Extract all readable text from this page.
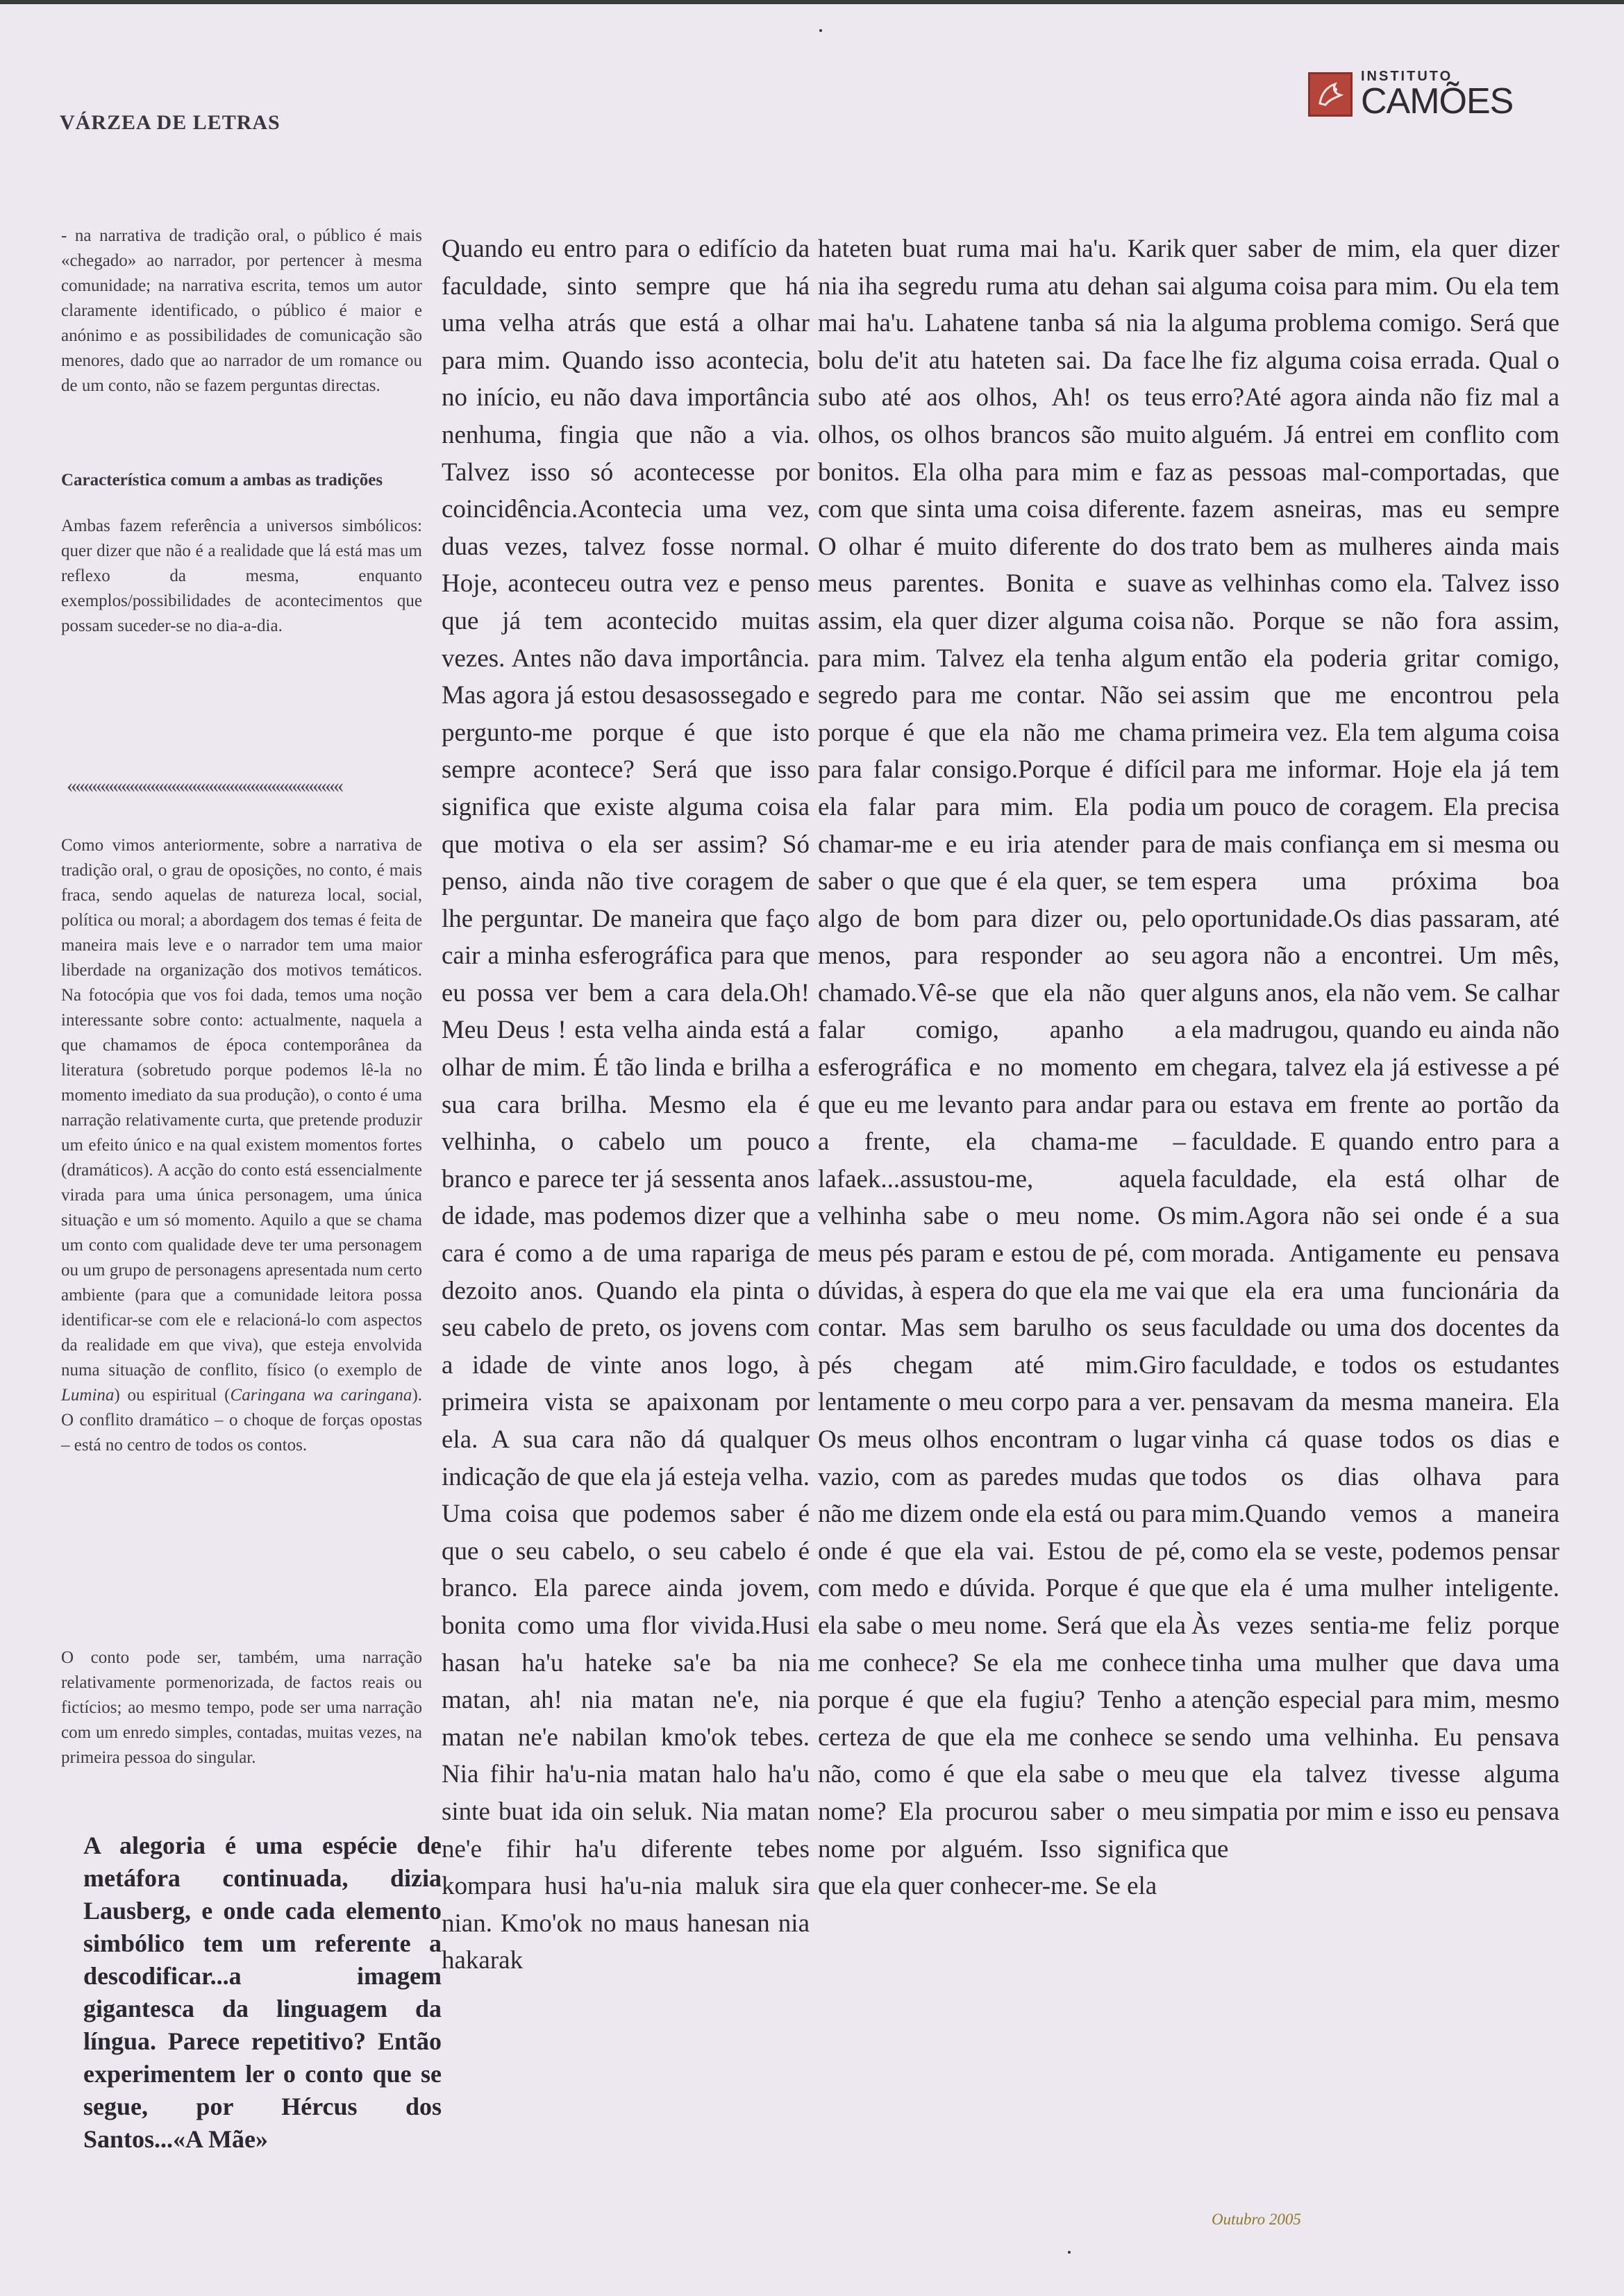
VÁRZEA DE LETRAS
INSTITUTO
CAMÕES

- na narrativa de tradição oral, o público é mais «chegado» ao narrador, por pertencer à mesma comunidade; na narrativa escrita, temos um autor claramente identificado, o público é maior e anónimo e as possibilidades de comunicação são menores, dado que ao narrador de um romance ou de um conto, não se fazem perguntas directas.

Característica comum a ambas as tradições

Ambas fazem referência a universos simbólicos: quer dizer que não é a realidade que lá está mas um reflexo da mesma, enquanto exemplos/possibilidades de acontecimentos que possam suceder-se no dia-a-dia.

«««««««««««««««««««««««««««««««««

Como vimos anteriormente, sobre a narrativa de tradição oral, o grau de oposições, no conto, é mais fraca, sendo aquelas de natureza local, social, política ou moral; a abordagem dos temas é feita de maneira mais leve e o narrador tem uma maior liberdade na organização dos motivos temáticos. Na fotocópia que vos foi dada, temos uma noção interessante sobre conto: actualmente, naquela a que chamamos de época contemporânea da literatura (sobretudo porque podemos lê-la no momento imediato da sua produção), o conto é uma narração relativamente curta, que pretende produzir um efeito único e na qual existem momentos fortes (dramáticos). A acção do conto está essencialmente virada para uma única personagem, uma única situação e um só momento. Aquilo a que se chama um conto com qualidade deve ter uma personagem ou um grupo de personagens apresentada num certo ambiente (para que a comunidade leitora possa identificar-se com ele e relacioná-lo com aspectos da realidade em que viva), que esteja envolvida numa situação de conflito, físico (o exemplo de Lumina) ou espiritual (Caringana wa caringana). O conflito dramático – o choque de forças opostas – está no centro de todos os contos.

O conto pode ser, também, uma narração relativamente pormenorizada, de factos reais ou fictícios; ao mesmo tempo, pode ser uma narração com um enredo simples, contadas, muitas vezes, na primeira pessoa do singular.

A alegoria é uma espécie de metáfora continuada, dizia Lausberg, e onde cada elemento simbólico tem um referente a descodificar...a imagem gigantesca da linguagem da língua. Parece repetitivo? Então experimentem ler o conto que se segue, por Hércus dos Santos...«A Mãe»

Quando eu entro para o edifício da faculdade, sinto sempre que há uma velha atrás que está a olhar para mim. Quando isso acontecia, no início, eu não dava importância nenhuma, fingia que não a via. Talvez isso só acontecesse por coincidência.Acontecia uma vez, duas vezes, talvez fosse normal. Hoje, aconteceu outra vez e penso que já tem acontecido muitas vezes. Antes não dava importância. Mas agora já estou desasossegado e pergunto-me porque é que isto sempre acontece? Será que isso significa que existe alguma coisa que motiva o ela ser assim? Só penso, ainda não tive coragem de lhe perguntar. De maneira que faço cair a minha esferográfica para que eu possa ver bem a cara dela.Oh! Meu Deus ! esta velha ainda está a olhar de mim. É tão linda e brilha a sua cara brilha. Mesmo ela é velhinha, o cabelo um pouco branco e parece ter já sessenta anos de idade, mas podemos dizer que a cara é como a de uma rapariga de dezoito anos. Quando ela pinta o seu cabelo de preto, os jovens com a idade de vinte anos logo, à primeira vista se apaixonam por ela. A sua cara não dá qualquer indicação de que ela já esteja velha. Uma coisa que podemos saber é que o seu cabelo, o seu cabelo é branco. Ela parece ainda jovem, bonita como uma flor vivida.Husi hasan ha'u hateke sa'e ba nia matan, ah! nia matan ne'e, nia matan ne'e nabilan kmo'ok tebes. Nia fihir ha'u-nia matan halo ha'u sinte buat ida oin seluk. Nia matan ne'e fihir ha'u diferente tebes kompara husi ha'u-nia maluk sira nian. Kmo'ok no maus hanesan nia hakarak

hateten buat ruma mai ha'u. Karik nia iha segredu ruma atu dehan sai mai ha'u. Lahatene tanba sá nia la bolu de'it atu hateten sai. Da face subo até aos olhos, Ah! os teus olhos, os olhos brancos são muito bonitos. Ela olha para mim e faz com que sinta uma coisa diferente. O olhar é muito diferente do dos meus parentes. Bonita e suave assim, ela quer dizer alguma coisa para mim. Talvez ela tenha algum segredo para me contar. Não sei porque é que ela não me chama para falar consigo.Porque é difícil ela falar para mim. Ela podia chamar-me e eu iria atender para saber o que que é ela quer, se tem algo de bom para dizer ou, pelo menos, para responder ao seu chamado.Vê-se que ela não quer falar comigo, apanho a esferográfica e no momento em que eu me levanto para andar para a frente, ela chama-me – lafaek...assustou-me, aquela velhinha sabe o meu nome. Os meus pés param e estou de pé, com dúvidas, à espera do que ela me vai contar. Mas sem barulho os seus pés chegam até mim.Giro lentamente o meu corpo para a ver. Os meus olhos encontram o lugar vazio, com as paredes mudas que não me dizem onde ela está ou para onde é que ela vai. Estou de pé, com medo e dúvida. Porque é que ela sabe o meu nome. Será que ela me conhece? Se ela me conhece porque é que ela fugiu? Tenho a certeza de que ela me conhece se não, como é que ela sabe o meu nome? Ela procurou saber o meu nome por alguém. Isso significa que ela quer conhecer-me. Se ela

quer saber de mim, ela quer dizer alguma coisa para mim. Ou ela tem alguma problema comigo. Será que lhe fiz alguma coisa errada. Qual o erro?Até agora ainda não fiz mal a alguém. Já entrei em conflito com as pessoas mal-comportadas, que fazem asneiras, mas eu sempre trato bem as mulheres ainda mais as velhinhas como ela. Talvez isso não. Porque se não fora assim, então ela poderia gritar comigo, assim que me encontrou pela primeira vez. Ela tem alguma coisa para me informar. Hoje ela já tem um pouco de coragem. Ela precisa de mais confiança em si mesma ou espera uma próxima boa oportunidade.Os dias passaram, até agora não a encontrei. Um mês, alguns anos, ela não vem. Se calhar ela madrugou, quando eu ainda não chegara, talvez ela já estivesse a pé ou estava em frente ao portão da faculdade. E quando entro para a faculdade, ela está olhar de mim.Agora não sei onde é a sua morada. Antigamente eu pensava que ela era uma funcionária da faculdade ou uma dos docentes da faculdade, e todos os estudantes pensavam da mesma maneira. Ela vinha cá quase todos os dias e todos os dias olhava para mim.Quando vemos a maneira como ela se veste, podemos pensar que ela é uma mulher inteligente. Às vezes sentia-me feliz porque tinha uma mulher que dava uma atenção especial para mim, mesmo sendo uma velhinha. Eu pensava que ela talvez tivesse alguma simpatia por mim e isso eu pensava que

Outubro 2005
